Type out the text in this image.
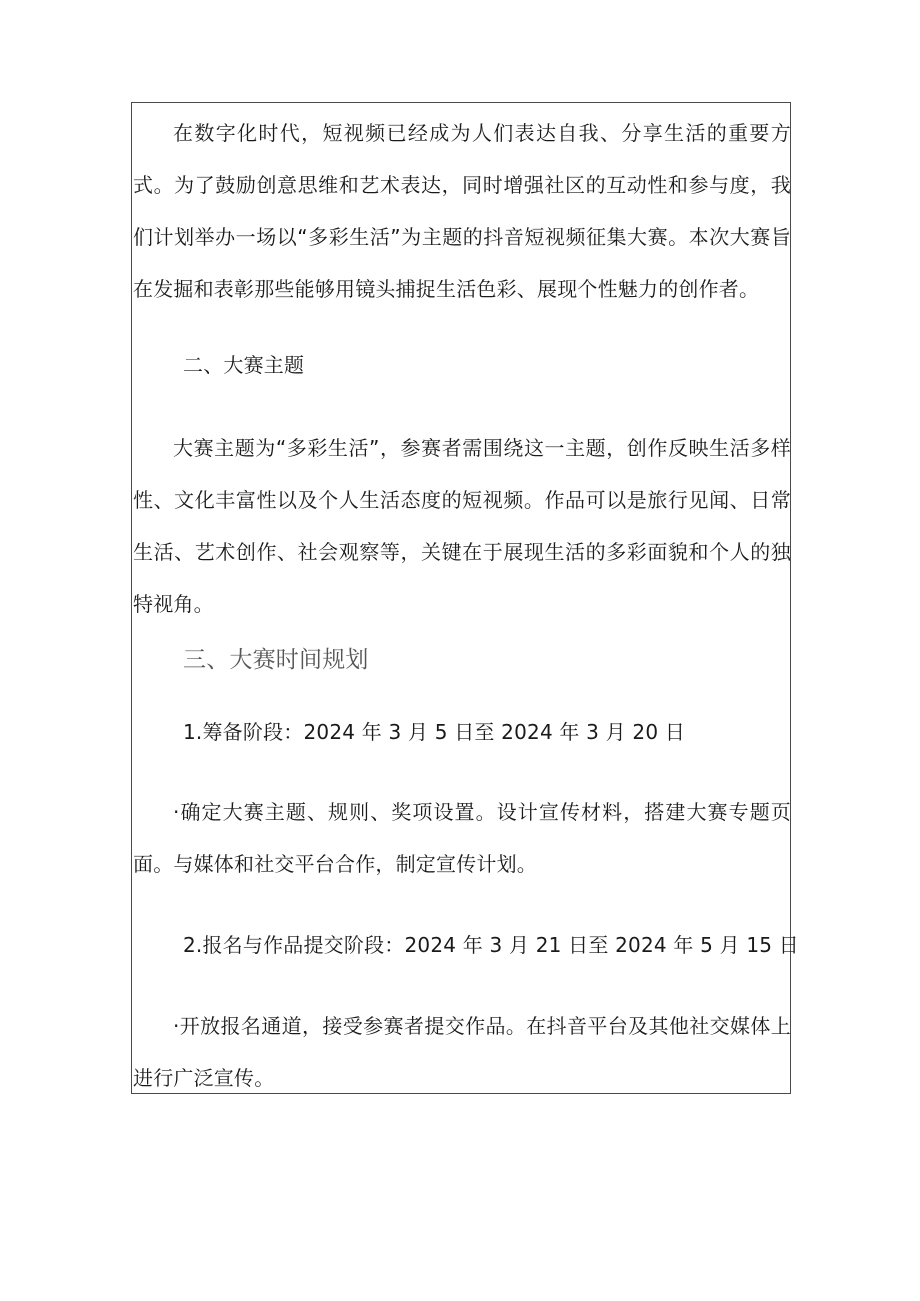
在数字化时代，短视频已经成为人们表达自我、分享生活的重要方式。为了鼓励创意思维和艺术表达，同时增强社区的互动性和参与度，我们计划举办一场以“多彩生活”为主题的抖音短视频征集大赛。本次大赛旨在发掘和表彰那些能够用镜头捕捉生活色彩、展现个性魅力的创作者。

二、大赛主题

大赛主题为“多彩生活”，参赛者需围绕这一主题，创作反映生活多样性、文化丰富性以及个人生活态度的短视频。作品可以是旅行见闻、日常生活、艺术创作、社会观察等，关键在于展现生活的多彩面貌和个人的独特视角。

三、大赛时间规划

1.筹备阶段：2024 年 3 月 5 日至 2024 年 3 月 20 日

·确定大赛主题、规则、奖项设置。设计宣传材料，搭建大赛专题页面。与媒体和社交平台合作，制定宣传计划。

2.报名与作品提交阶段：2024 年 3 月 21 日至 2024 年 5 月 15 日

·开放报名通道，接受参赛者提交作品。在抖音平台及其他社交媒体上进行广泛宣传。
